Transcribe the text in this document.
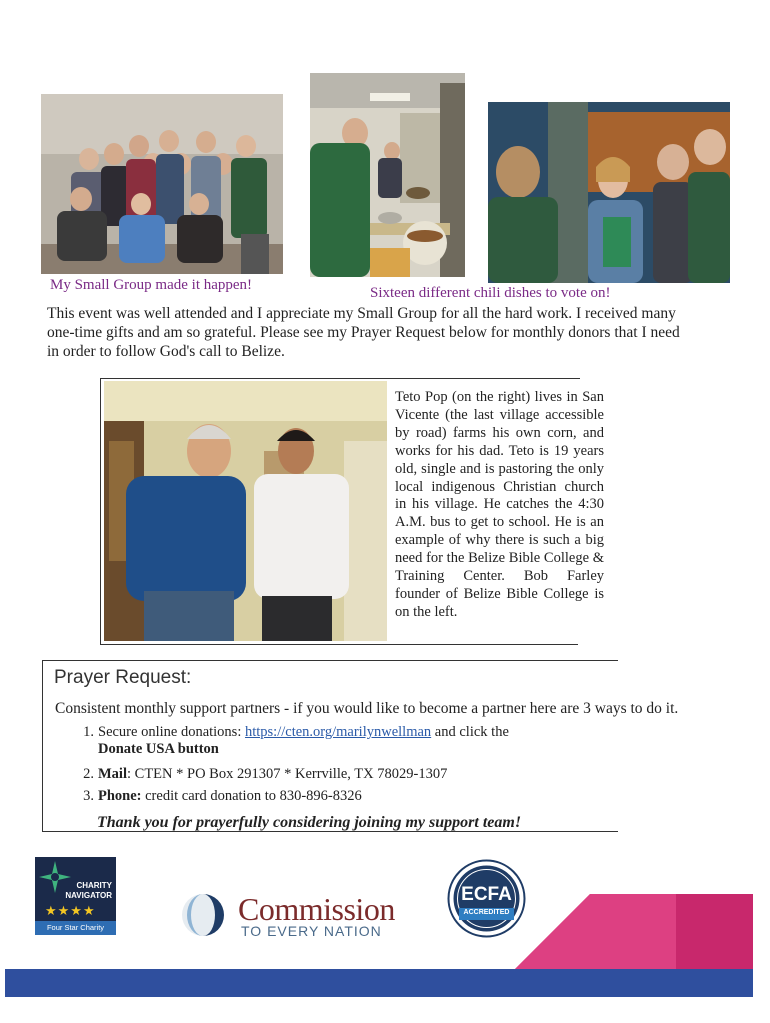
My Small Group made it happen!	Sixteen different chili dishes to vote on!
This event was well attended and I appreciate my Small Group for all the hard work. I received many
one-time gifts and am so grateful. Please see my Prayer Request below for monthly donors that I need
in order to follow God's call to Belize.
Teto Pop (on the right) lives in San Vicente (the last village accessible by road) farms his own corn, and works for his dad. Teto is 19 years old, single and is pastoring the only local indigenous Christian church in his village. He catches the 4:30 A.M. bus to get to school. He is an example of why there is such a big need for the Belize Bible College & Training Center. Bob Farley founder of Belize Bible College is on the left.
Prayer Request:
Consistent monthly support partners - if you would like to become a partner here are 3 ways to do it.
1. Secure online donations: https://cten.org/marilynwellman and click the
Donate USA button
2. Mail: CTEN * PO Box 291307 * Kerrville, TX 78029-1307
3. Phone: credit card donation to 830-896-8326
Thank you for prayerfully considering joining my support team!
CHARITY
NAVIGATOR
★★★★
Four Star Charity
Commission
TO EVERY NATION
ECFA
ACCREDITED
